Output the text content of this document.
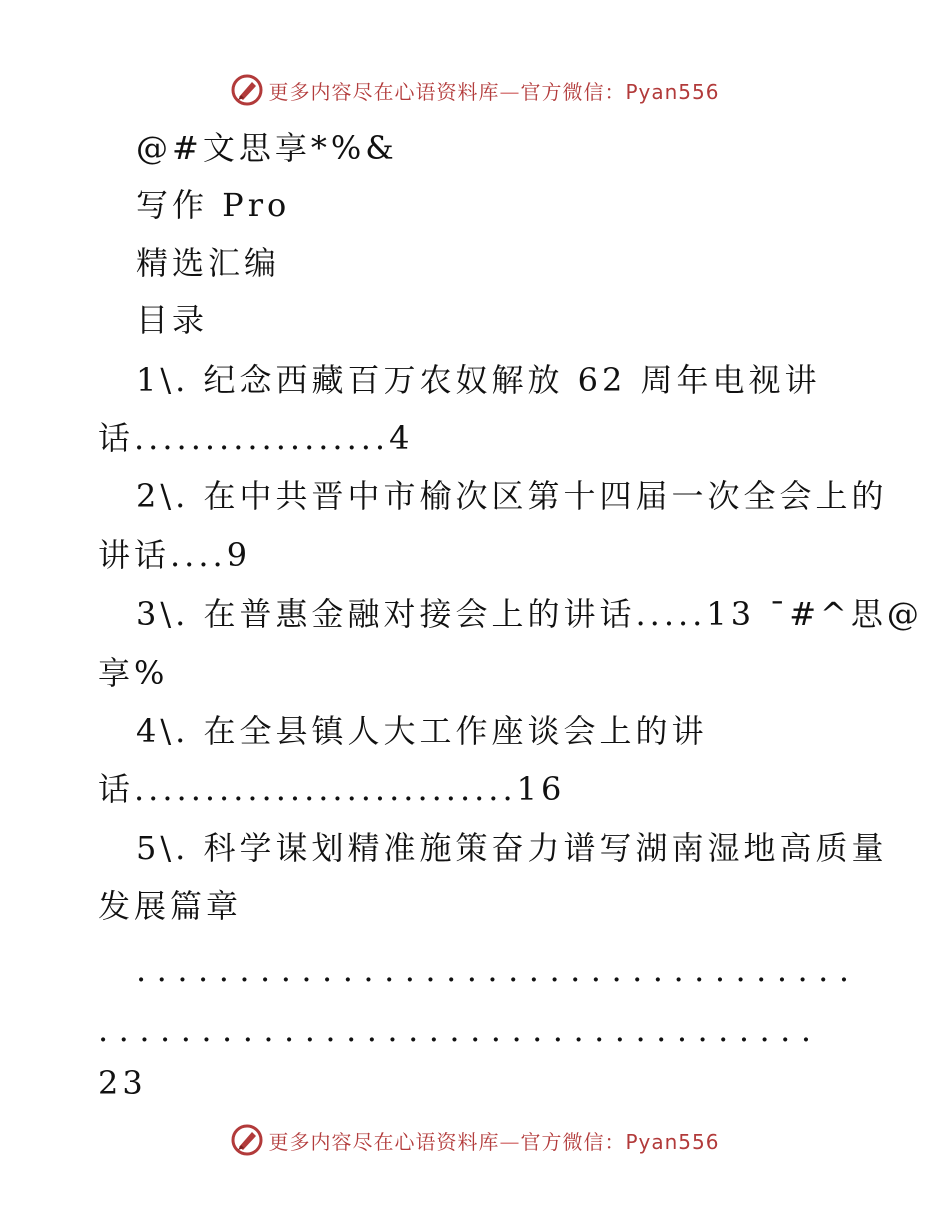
更多内容尽在心语资料库—官方微信：Pyan556
@#文思享*%&
写作 Pro
精选汇编
目录
1\. 纪念西藏百万农奴解放 62 周年电视讲
话..................4
2\. 在中共晋中市榆次区第十四届一次全会上的
讲话....9
3\. 在普惠金融对接会上的讲话.....13 ¯#^思@
享%
4\. 在全县镇人大工作座谈会上的讲
话...........................16
5\. 科学谋划精准施策奋力谱写湖南湿地高质量
发展篇章
...................................
...................................
23
更多内容尽在心语资料库—官方微信：Pyan556
